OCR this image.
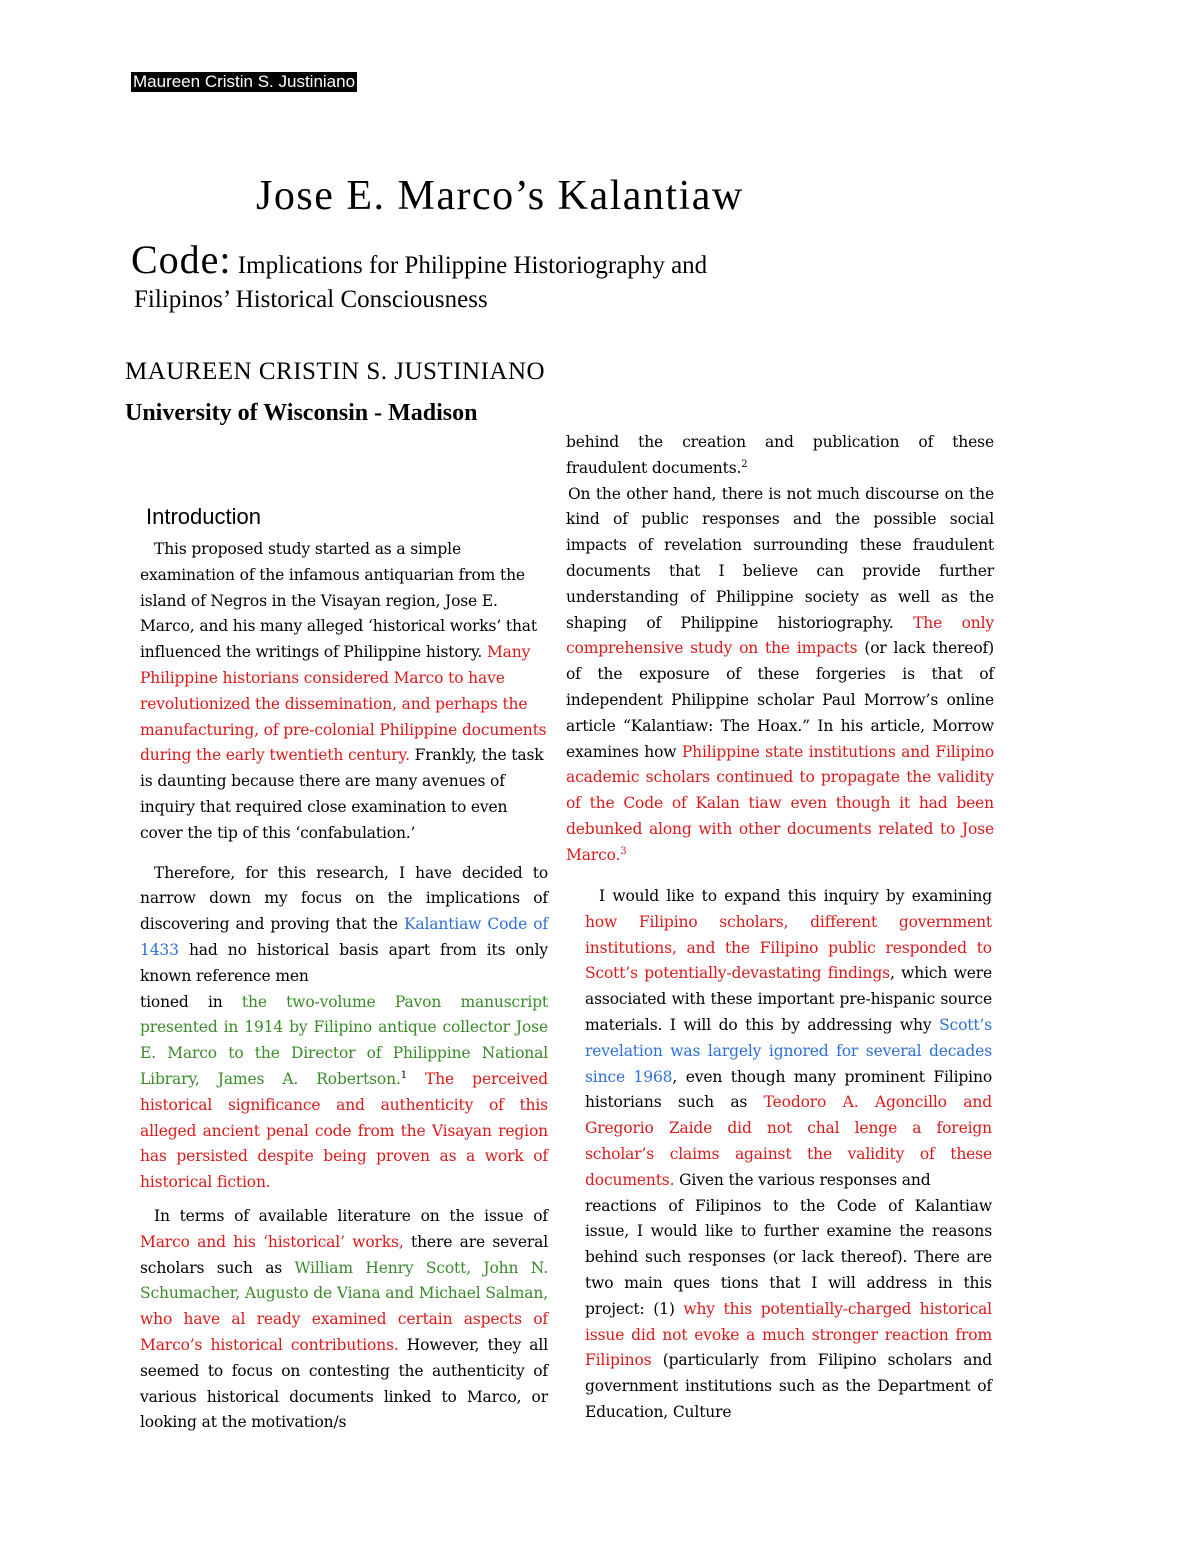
Maureen Cristin S. Justiniano
Jose E. Marco’s Kalantiaw
Code: Implications for Philippine Historiography and
Filipinos’ Historical Consciousness
MAUREEN CRISTIN S. JUSTINIANO
University of Wisconsin - Madison
Introduction

This proposed study started as a simple examination of the infamous antiquarian from the island of Negros in the Visayan region, Jose E. Marco, and his many alleged ‘historical works’ that influenced the writings of Philippine history. Many Philippine historians considered Marco to have revolutionized the dissemination, and perhaps the manufacturing, of pre-colonial Philippine documents during the early twentieth century. Frankly, the task is daunting because there are many avenues of inquiry that required close examination to even cover the tip of this ‘confabulation.’

Therefore, for this research, I have decided to narrow down my focus on the implications of discovering and proving that the Kalantiaw Code of 1433 had no historical basis apart from its only known reference men

tioned in the two-volume Pavon manuscript presented in 1914 by Filipino antique collector Jose E. Marco to the Director of Philippine National Library, James A. Robertson.$^1$ The perceived historical significance and authenticity of this alleged ancient penal code from the Visayan region has persisted despite being proven as a work of historical fiction.

In terms of available literature on the issue of Marco and his ‘historical’ works, there are several scholars such as William Henry Scott, John N. Schumacher, Augusto de Viana and Michael Salman, who have al ready examined certain aspects of Marco’s historical contributions. However, they all seemed to focus on contesting the authenticity of various historical documents linked to Marco, or looking at the motivation/s

behind the creation and publication of these fraudulent documents.$^2$

On the other hand, there is not much discourse on the kind of public responses and the possible social impacts of revelation surrounding these fraudulent documents that I believe can provide further understanding of Philippine society as well as the shaping of Philippine historiography. The only comprehensive study on the impacts (or lack thereof) of the exposure of these forgeries is that of independent Philippine scholar Paul Morrow’s online article “Kalantiaw: The Hoax.” In his article, Morrow examines how Philippine state institutions and Filipino academic scholars continued to propagate the validity of the Code of Kalan tiaw even though it had been debunked along with other documents related to Jose Marco.$^3$

I would like to expand this inquiry by examining how Filipino scholars, different government institutions, and the Filipino public responded to Scott’s potentially-devastating findings, which were associated with these important pre-hispanic source materials. I will do this by addressing why Scott’s revelation was largely ignored for several decades since 1968, even though many prominent Filipino historians such as Teodoro A. Agoncillo and Gregorio Zaide did not chal lenge a foreign scholar’s claims against the validity of these documents. Given the various responses and

reactions of Filipinos to the Code of Kalantiaw issue, I would like to further examine the reasons behind such responses (or lack thereof). There are two main ques tions that I will address in this project: (1) why this potentially-charged historical issue did not evoke a much stronger reaction from Filipinos (particularly from Filipino scholars and government institutions such as the Department of Education, Culture
